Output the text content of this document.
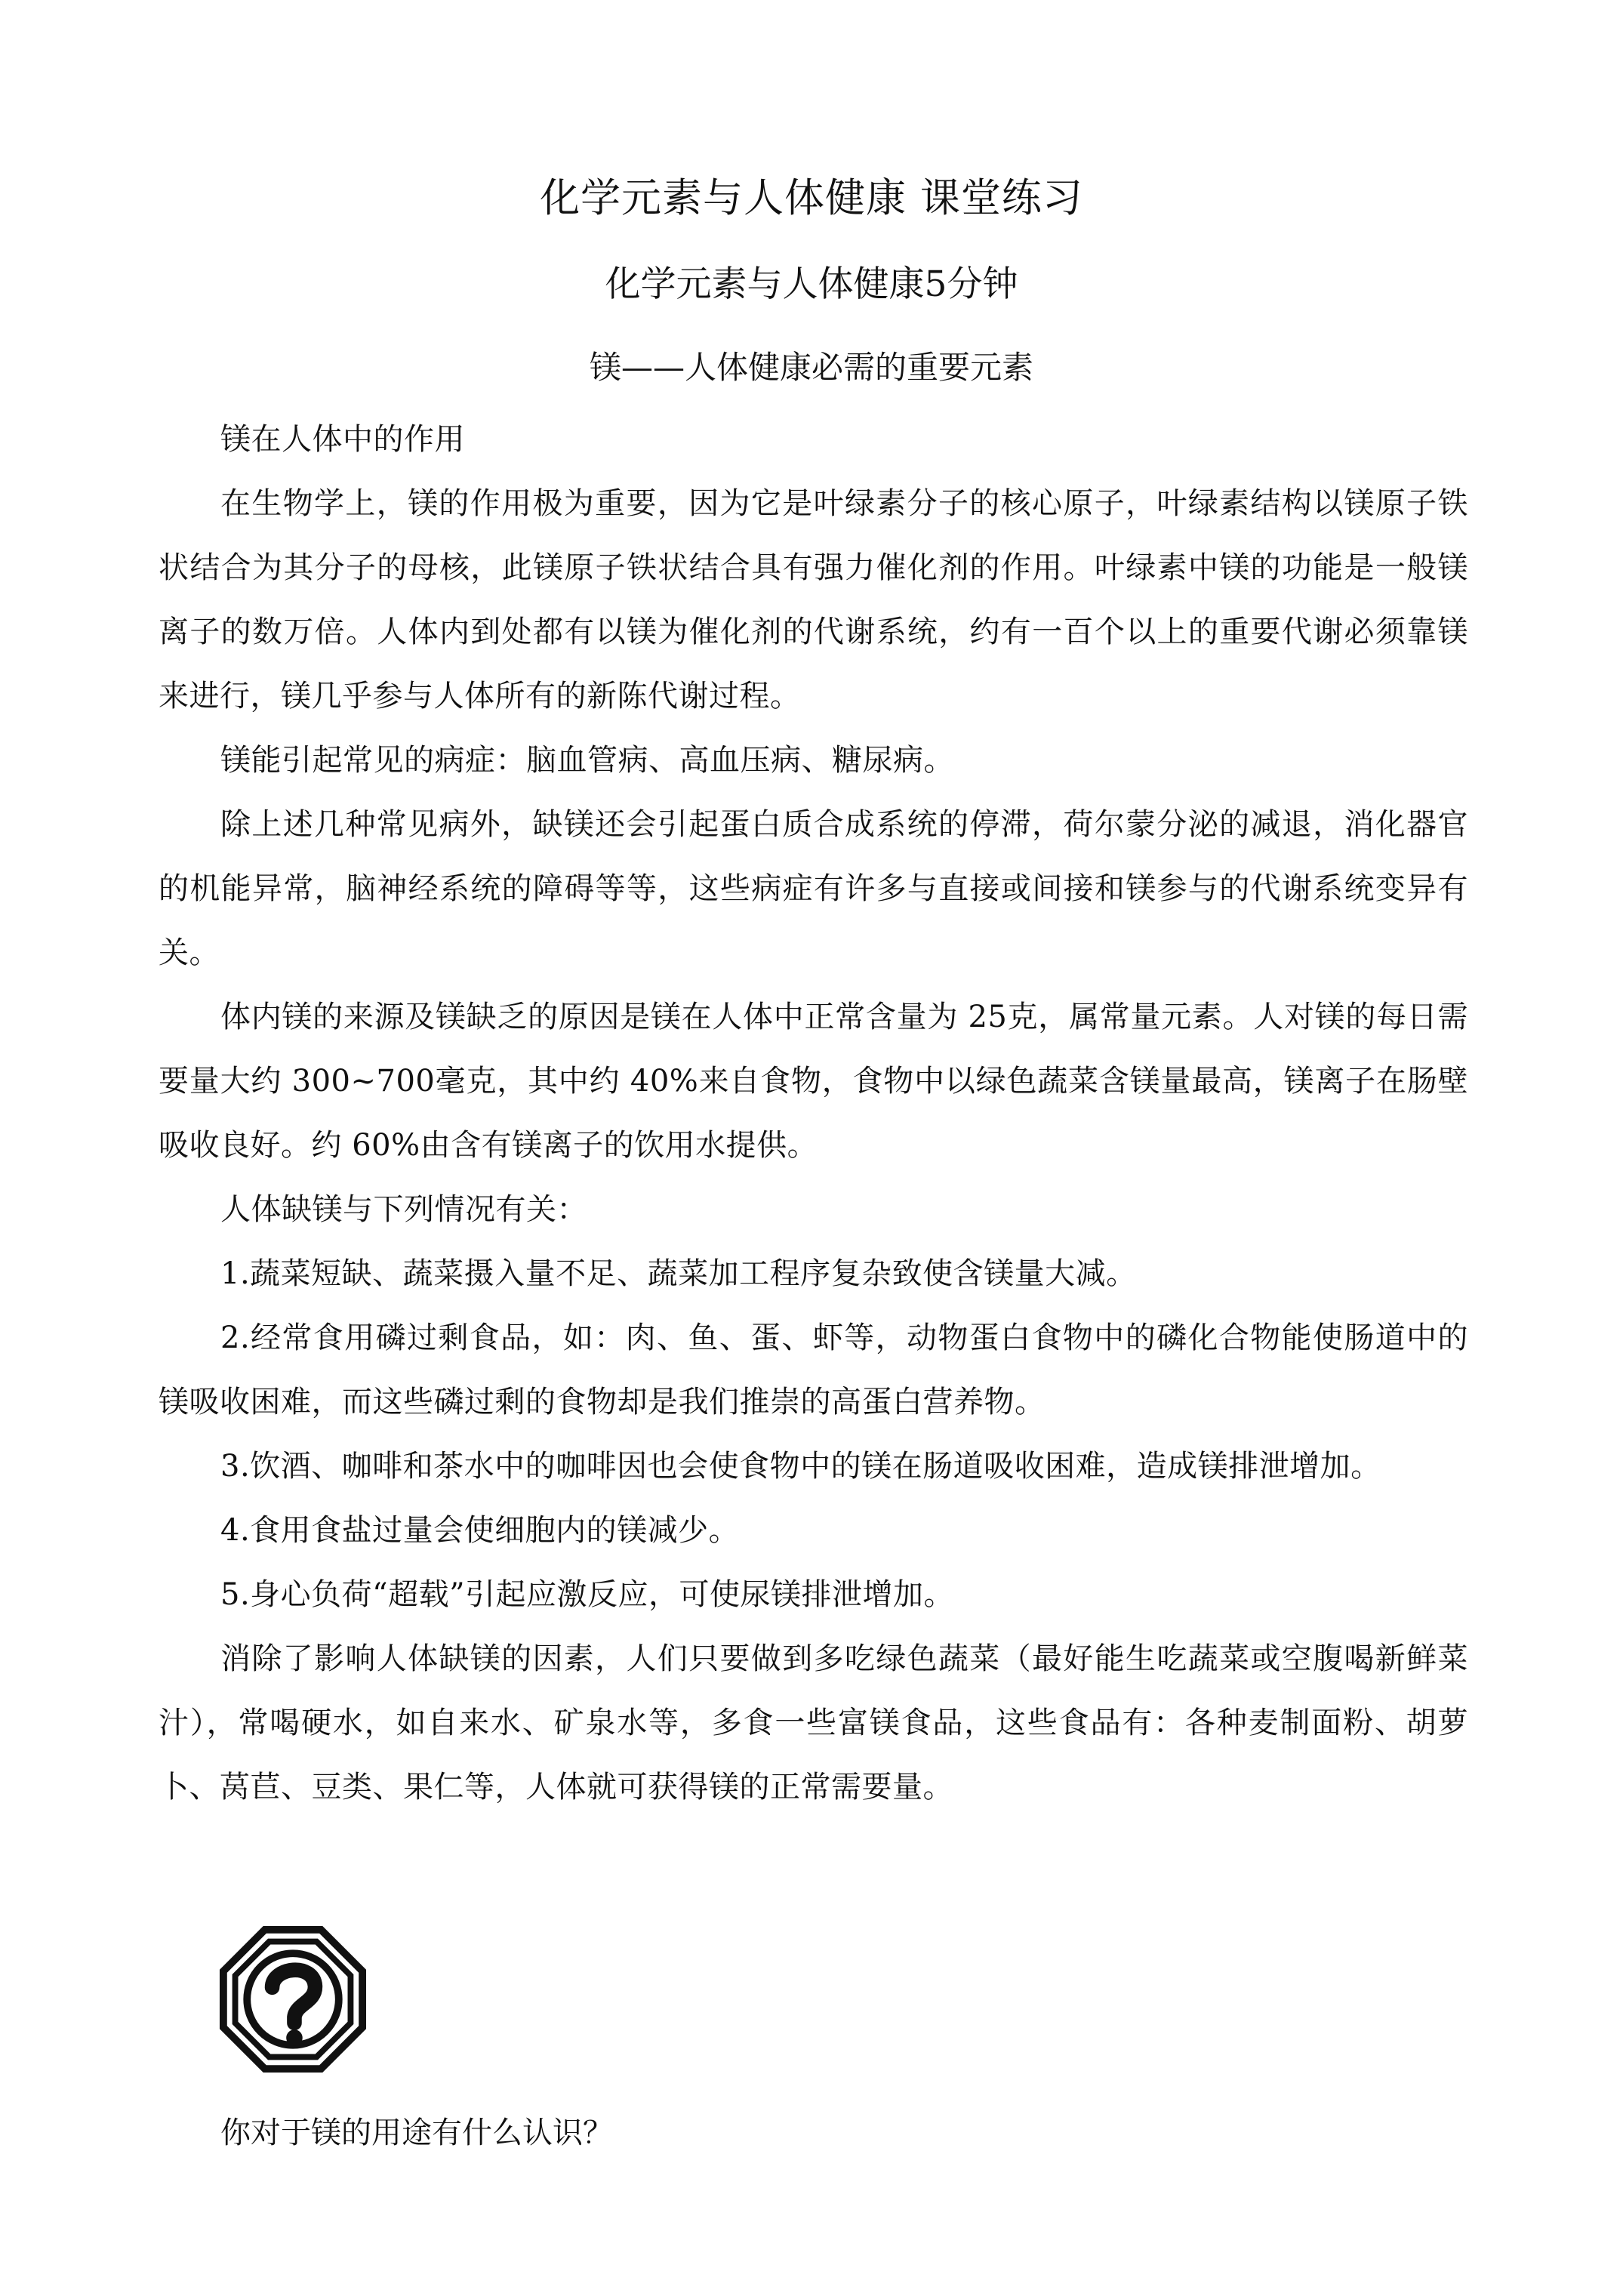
化学元素与人体健康 课堂练习
化学元素与人体健康5分钟
镁——人体健康必需的重要元素

镁在人体中的作用

在生物学上，镁的作用极为重要，因为它是叶绿素分子的核心原子，叶绿素结构以镁原子铁状结合为其分子的母核，此镁原子铁状结合具有强力催化剂的作用。叶绿素中镁的功能是一般镁离子的数万倍。人体内到处都有以镁为催化剂的代谢系统，约有一百个以上的重要代谢必须靠镁来进行，镁几乎参与人体所有的新陈代谢过程。

镁能引起常见的病症：脑血管病、高血压病、糖尿病。

除上述几种常见病外，缺镁还会引起蛋白质合成系统的停滞，荷尔蒙分泌的减退，消化器官的机能异常，脑神经系统的障碍等等，这些病症有许多与直接或间接和镁参与的代谢系统变异有关。

体内镁的来源及镁缺乏的原因是镁在人体中正常含量为 25克，属常量元素。人对镁的每日需要量大约 300~700毫克，其中约 40%来自食物，食物中以绿色蔬菜含镁量最高，镁离子在肠壁吸收良好。约 60%由含有镁离子的饮用水提供。

人体缺镁与下列情况有关：

1.蔬菜短缺、蔬菜摄入量不足、蔬菜加工程序复杂致使含镁量大减。

2.经常食用磷过剩食品，如：肉、鱼、蛋、虾等，动物蛋白食物中的磷化合物能使肠道中的镁吸收困难，而这些磷过剩的食物却是我们推崇的高蛋白营养物。

3.饮酒、咖啡和茶水中的咖啡因也会使食物中的镁在肠道吸收困难，造成镁排泄增加。

4.食用食盐过量会使细胞内的镁减少。

5.身心负荷“超载”引起应激反应，可使尿镁排泄增加。

消除了影响人体缺镁的因素，人们只要做到多吃绿色蔬菜（最好能生吃蔬菜或空腹喝新鲜菜汁），常喝硬水，如自来水、矿泉水等，多食一些富镁食品，这些食品有：各种麦制面粉、胡萝卜、莴苣、豆类、果仁等，人体就可获得镁的正常需要量。

你对于镁的用途有什么认识？
